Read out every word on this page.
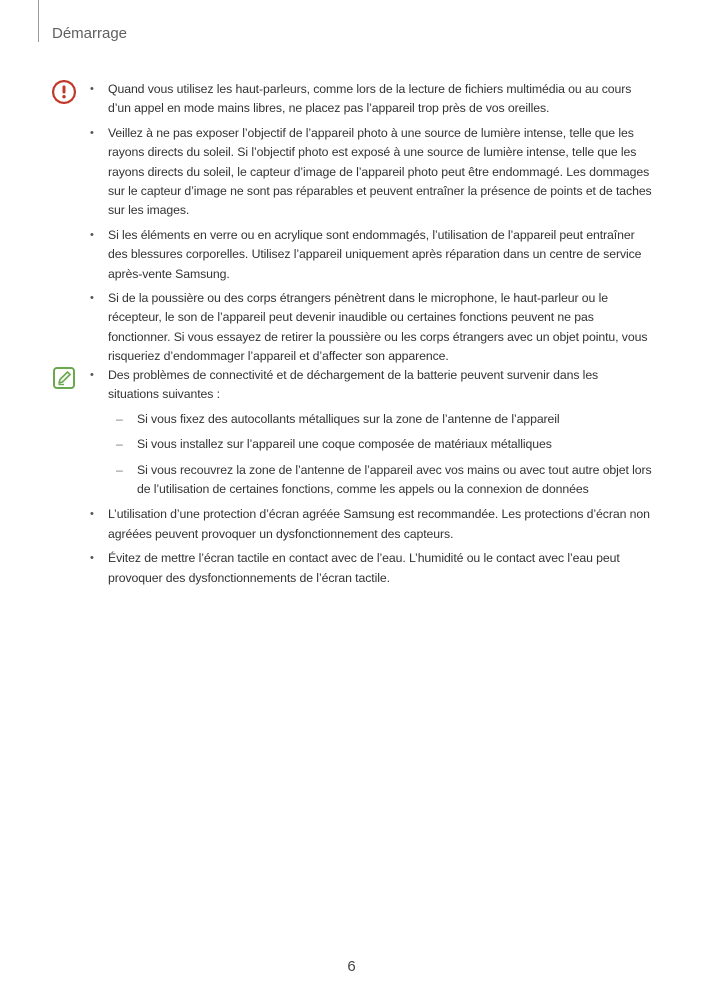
Démarrage
• Quand vous utilisez les haut-parleurs, comme lors de la lecture de fichiers multimédia ou au cours d’un appel en mode mains libres, ne placez pas l’appareil trop près de vos oreilles.
• Veillez à ne pas exposer l’objectif de l’appareil photo à une source de lumière intense, telle que les rayons directs du soleil. Si l’objectif photo est exposé à une source de lumière intense, telle que les rayons directs du soleil, le capteur d’image de l’appareil photo peut être endommagé. Les dommages sur le capteur d’image ne sont pas réparables et peuvent entraîner la présence de points et de taches sur les images.
• Si les éléments en verre ou en acrylique sont endommagés, l’utilisation de l’appareil peut entraîner des blessures corporelles. Utilisez l’appareil uniquement après réparation dans un centre de service après-vente Samsung.
• Si de la poussière ou des corps étrangers pénètrent dans le microphone, le haut-parleur ou le récepteur, le son de l’appareil peut devenir inaudible ou certaines fonctions peuvent ne pas fonctionner. Si vous essayez de retirer la poussière ou les corps étrangers avec un objet pointu, vous risqueriez d’endommager l’appareil et d’affecter son apparence.
• Des problèmes de connectivité et de déchargement de la batterie peuvent survenir dans les situations suivantes :
– Si vous fixez des autocollants métalliques sur la zone de l’antenne de l’appareil
– Si vous installez sur l’appareil une coque composée de matériaux métalliques
– Si vous recouvrez la zone de l’antenne de l’appareil avec vos mains ou avec tout autre objet lors de l’utilisation de certaines fonctions, comme les appels ou la connexion de données
• L’utilisation d’une protection d’écran agréée Samsung est recommandée. Les protections d’écran non agréées peuvent provoquer un dysfonctionnement des capteurs.
• Évitez de mettre l’écran tactile en contact avec de l’eau. L’humidité ou le contact avec l’eau peut provoquer des dysfonctionnements de l’écran tactile.
6
